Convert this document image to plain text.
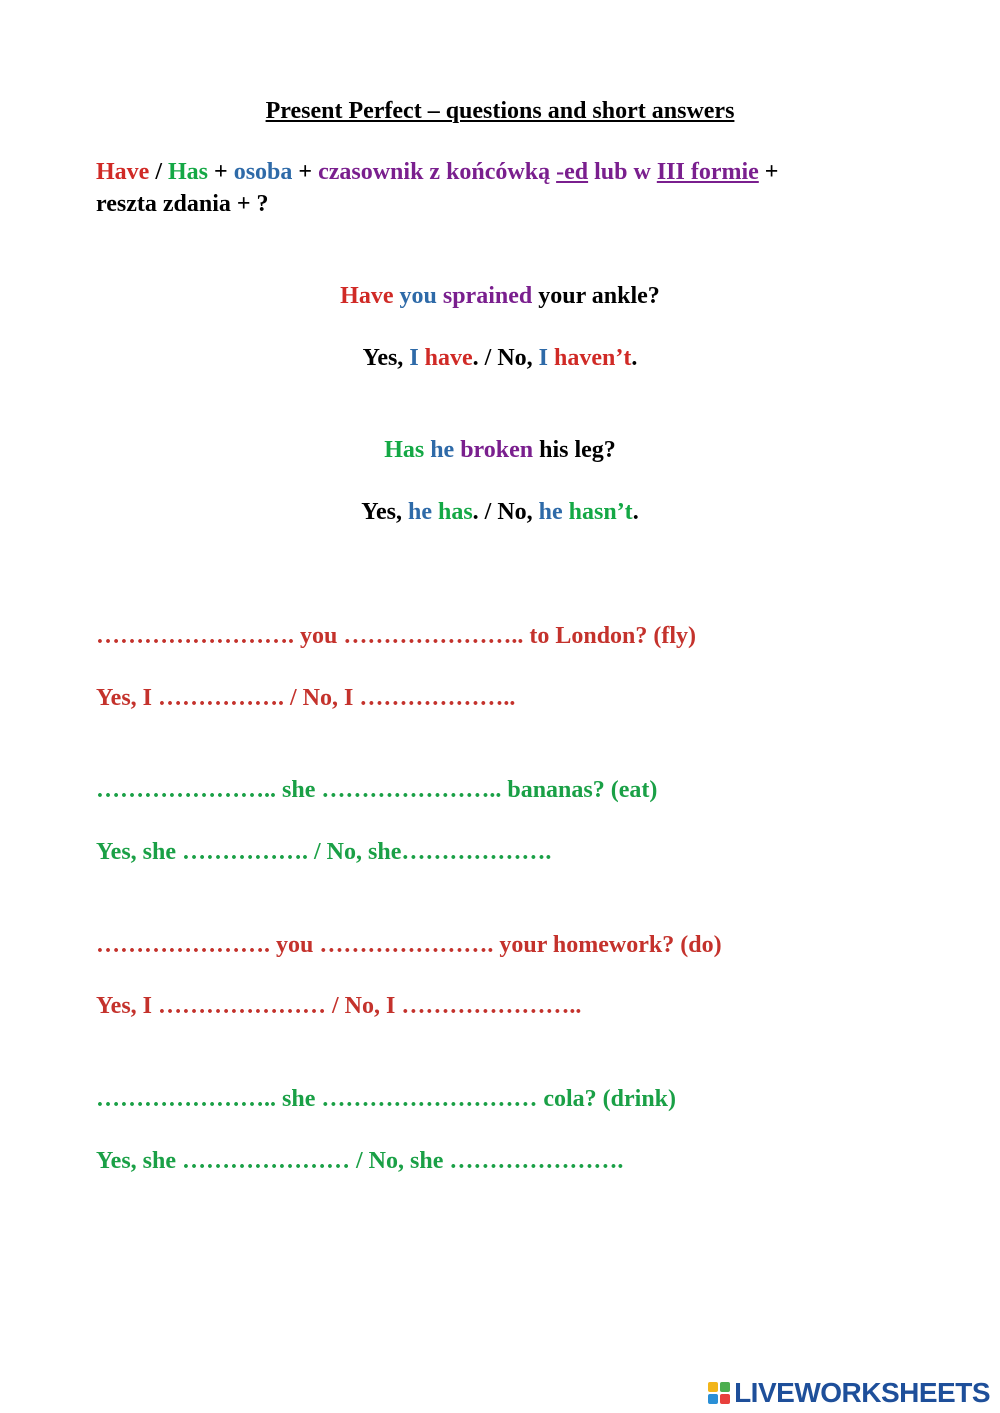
Present Perfect – questions and short answers
Have / Has + osoba + czasownik z końcówką -ed lub w III formie +
reszta zdania + ?
Have you sprained your ankle?
Yes, I have. / No, I haven’t.
Has he broken his leg?
Yes, he has. / No, he hasn’t.
……………………. you ………………….. to London? (fly)
Yes, I ……………. / No, I ………………..
………………….. she ………………….. bananas? (eat)
Yes, she ……………. / No, she……………….
…………………. you …………………. your homework? (do)
Yes, I ………………… / No, I …………………..
………………….. she ……………………… cola? (drink)
Yes, she ………………… / No, she ………………….
LIVEWORKSHEETS
